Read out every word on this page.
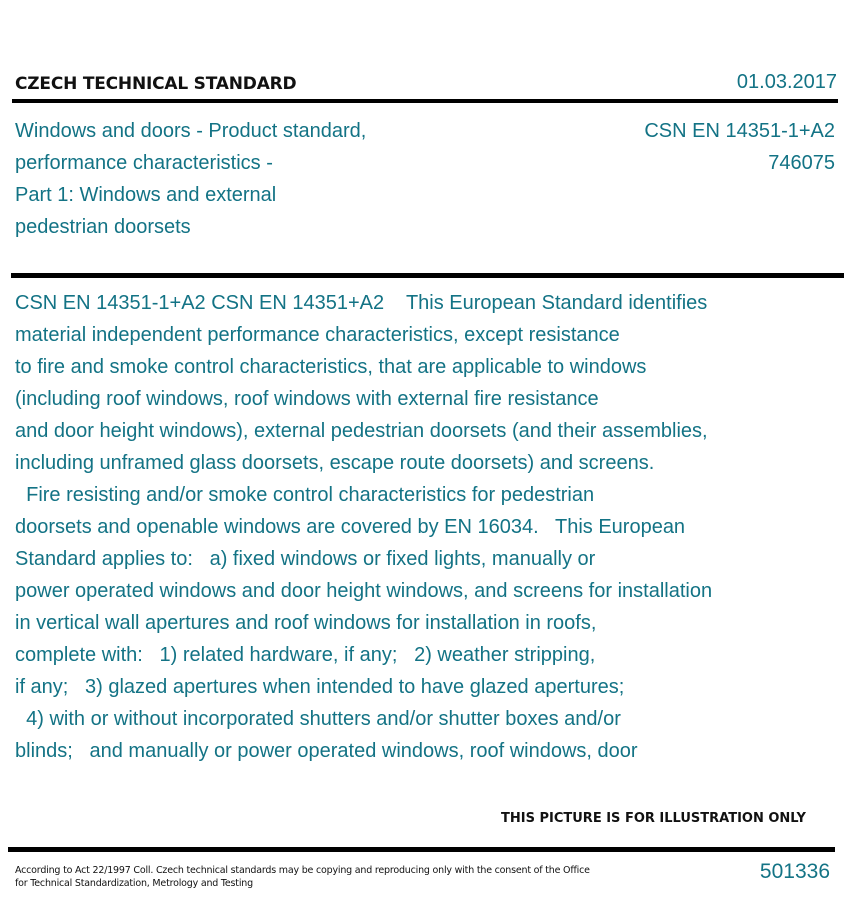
CZECH TECHNICAL STANDARD	01.03.2017
Windows and doors - Product standard,
performance characteristics -
Part 1: Windows and external
pedestrian doorsets
CSN EN 14351-1+A2
746075
CSN EN 14351-1+A2 CSN EN 14351+A2    This European Standard identifies
material independent performance characteristics, except resistance
to fire and smoke control characteristics, that are applicable to windows
(including roof windows, roof windows with external fire resistance
and door height windows), external pedestrian doorsets (and their assemblies,
including unframed glass doorsets, escape route doorsets) and screens.
Fire resisting and/or smoke control characteristics for pedestrian
doorsets and openable windows are covered by EN 16034.   This European
Standard applies to:   a) fixed windows or fixed lights, manually or
power operated windows and door height windows, and screens for installation
in vertical wall apertures and roof windows for installation in roofs,
complete with:   1) related hardware, if any;   2) weather stripping,
if any;   3) glazed apertures when intended to have glazed apertures;
4) with or without incorporated shutters and/or shutter boxes and/or
blinds;   and manually or power operated windows, roof windows, door
THIS PICTURE IS FOR ILLUSTRATION ONLY
According to Act 22/1997 Coll. Czech technical standards may be copying and reproducing only with the consent of the Office
for Technical Standardization, Metrology and Testing
501336
